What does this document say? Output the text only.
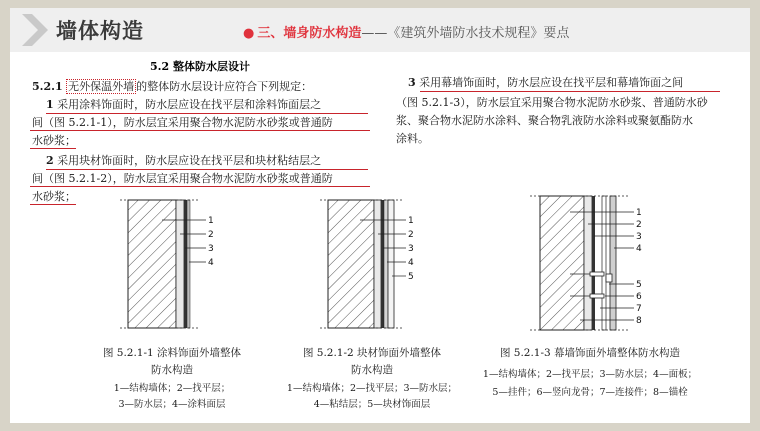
墙体构造	● 三、墙身防水构造——《建筑外墙防水技术规程》要点
5.2 整体防水层设计
5.2.1 无外保温外墙 的整体防水层设计应符合下列规定：
1 采用涂料饰面时，防水层应设在找平层和涂料饰面层之
间（图 5.2.1-1），防水层宜采用聚合物水泥防水砂浆或普通防
水砂浆；
2 采用块材饰面时，防水层应设在找平层和块材粘结层之
间（图 5.2.1-2），防水层宜采用聚合物水泥防水砂浆或普通防
水砂浆；
3 采用幕墙饰面时，防水层应设在找平层和幕墙饰面之间
（图 5.2.1-3），防水层宜采用聚合物水泥防水砂浆、普通防水砂
浆、聚合物水泥防水涂料、聚合物乳液防水涂料或聚氨酯防水
涂料。
1
2
3
4
1
2
3
4
5
1
2
3
4
5
6
7
8
图 5.2.1-1 涂料饰面外墙整体
防水构造
1—结构墙体；2—找平层；
3—防水层；4—涂料面层
图 5.2.1-2 块材饰面外墙整体
防水构造
1—结构墙体；2—找平层；3—防水层；
4—粘结层；5—块材饰面层
图 5.2.1-3 幕墙饰面外墙整体防水构造
1—结构墙体；2—找平层；3—防水层；4—面板；
5—挂件；6—竖向龙骨；7—连接件；8—锚栓
